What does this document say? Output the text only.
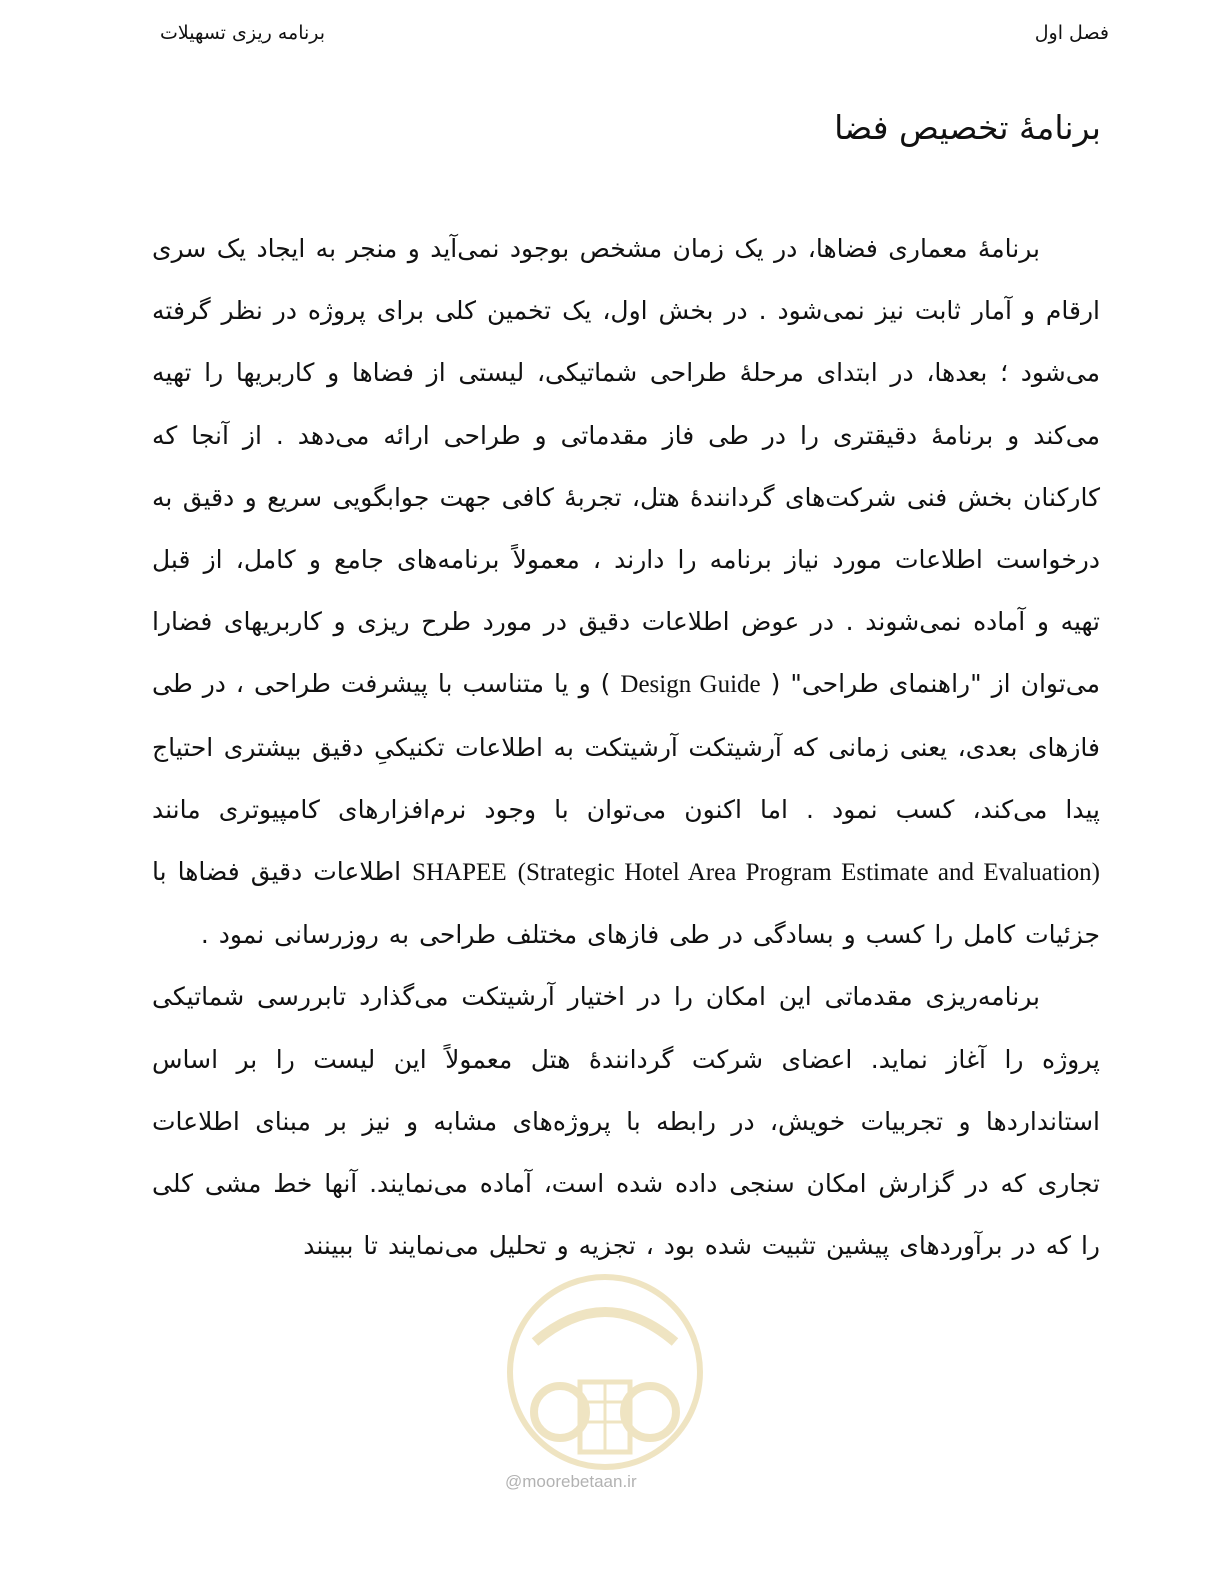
برنامه ریزی تسهیلات	فصل اول
برنامهٔ تخصیص فضا

برنامهٔ معماری فضاها، در یک زمان مشخص بوجود نمی‌آید و منجر به ایجاد یک سری ارقام و آمار ثابت نیز نمی‌شود . در بخش اول، یک تخمین کلی برای پروژه در نظر گرفته می‌شود ؛ بعدها، در ابتدای مرحلهٔ طراحی شماتیکی، لیستی از فضاها و کاربریها را تهیه می‌کند و برنامهٔ دقیقتری را در طی فاز مقدماتی و طراحی ارائه می‌دهد . از آنجا که کارکنان بخش فنی شرکت‌های گردانندهٔ هتل، تجربهٔ کافی جهت جوابگویی سریع و دقیق به درخواست اطلاعات مورد نیاز برنامه را دارند ، معمولاً برنامه‌های جامع و کامل، از قبل تهیه و آماده نمی‌شوند . در عوض اطلاعات دقیق در مورد طرح ریزی و کاربریهای فضارا می‌توان از "راهنمای طراحی" ( Design Guide ) و یا متناسب با پیشرفت طراحی ، در طی فازهای بعدی، یعنی زمانی که آرشیتکت آرشیتکت به اطلاعات تکنیکیِ دقیق بیشتری احتیاج پیدا می‌کند، کسب نمود . اما اکنون می‌توان با وجود نرم‌افزارهای کامپیوتری مانند SHAPEE (Strategic Hotel Area Program Estimate and Evaluation) اطلاعات دقیق فضاها با جزئیات کامل را کسب و بسادگی در طی فازهای مختلف طراحی به روزرسانی نمود .

برنامه‌ریزی مقدماتی این امکان را در اختیار آرشیتکت می‌گذارد تابررسی شماتیکی پروژه را آغاز نماید. اعضای شرکت گردانندهٔ هتل معمولاً این لیست را بر اساس استانداردها و تجربیات خویش، در رابطه با پروژه‌های مشابه و نیز بر مبنای اطلاعات تجاری که در گزارش امکان سنجی داده شده است، آماده می‌نمایند. آنها خط مشی کلی را که در برآوردهای پیشین تثبیت شده بود ، تجزیه و تحلیل می‌نمایند تا ببینند

@moorebetaan.ir
